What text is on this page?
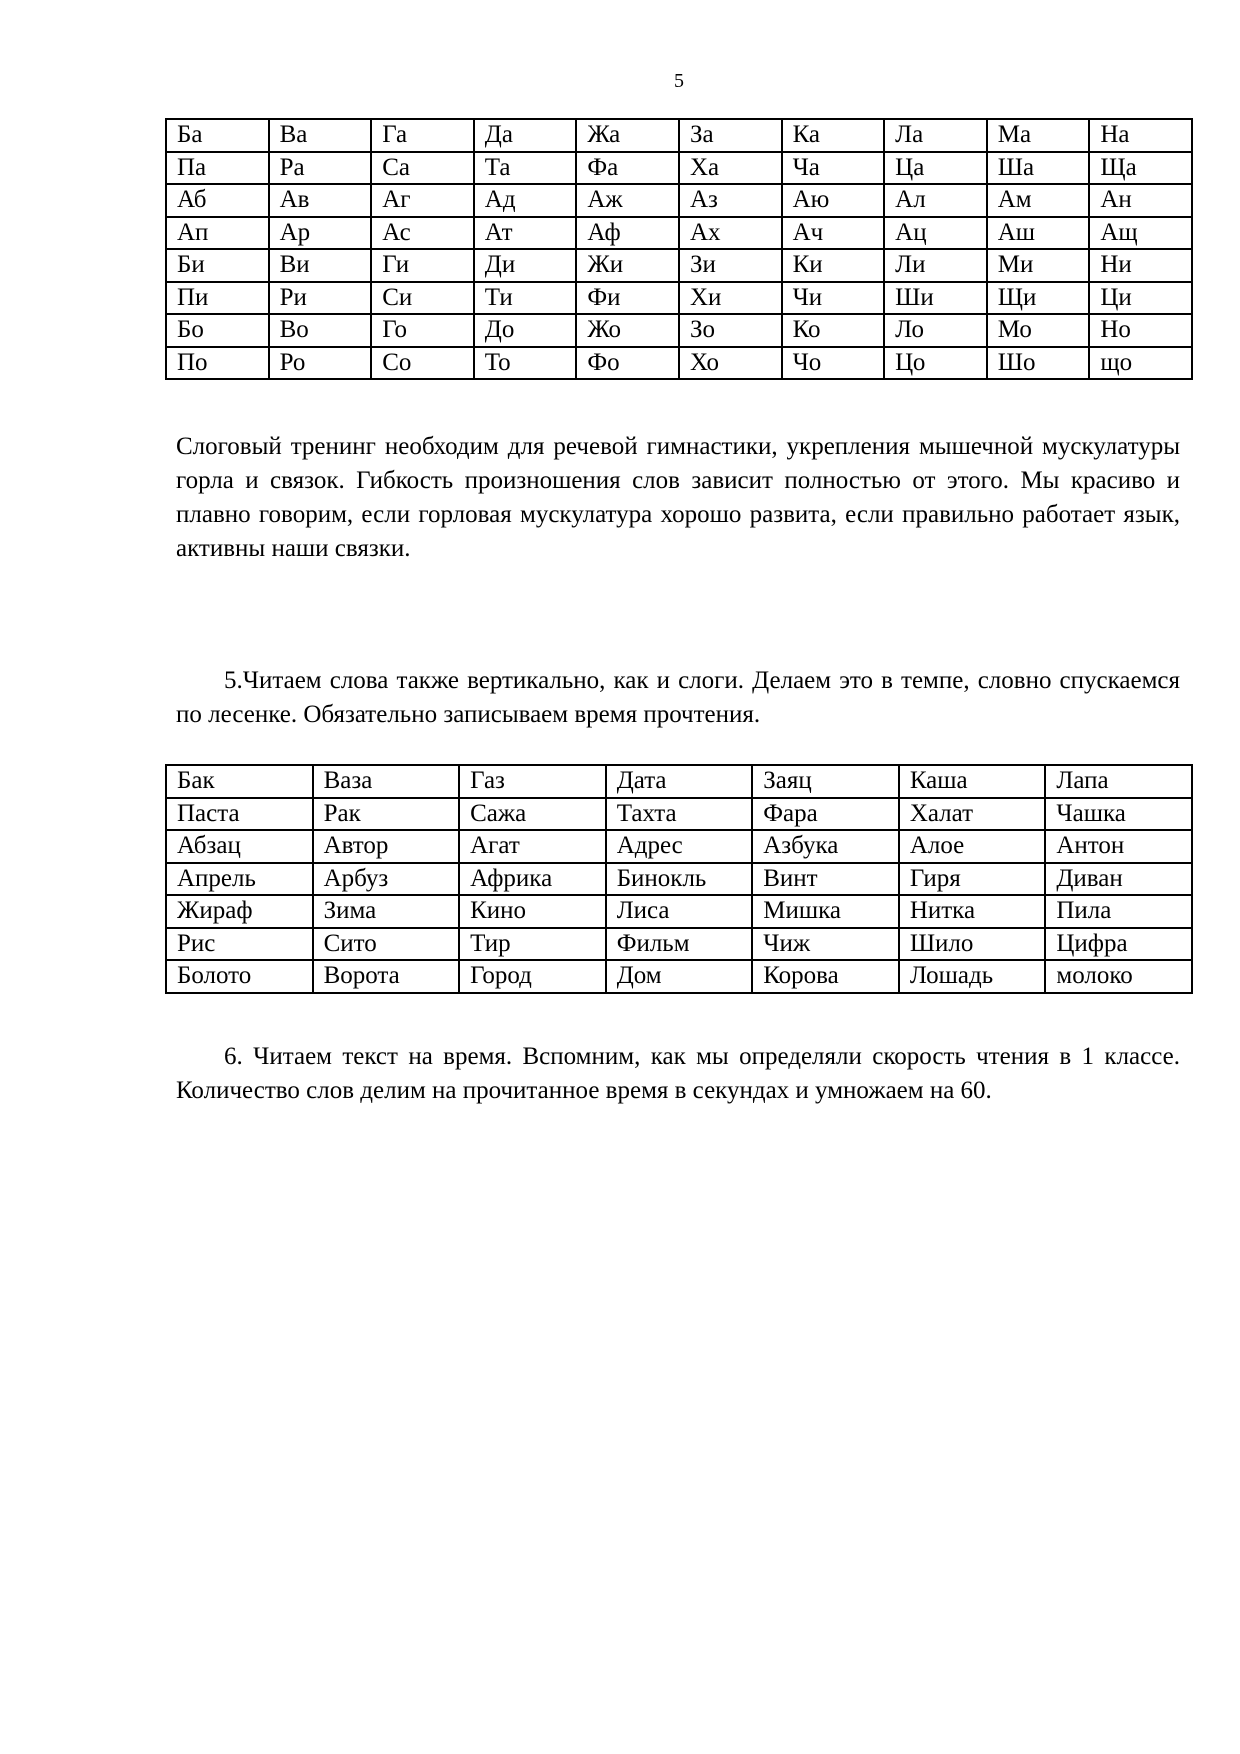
5
Ба	Ва	Га	Да	Жа	За	Ка	Ла	Ма	На
Па	Ра	Са	Та	Фа	Ха	Ча	Ца	Ша	Ща
Аб	Ав	Аг	Ад	Аж	Аз	Аю	Ал	Ам	Ан
Ап	Ар	Ас	Ат	Аф	Ах	Ач	Ац	Аш	Ащ
Би	Ви	Ги	Ди	Жи	Зи	Ки	Ли	Ми	Ни
Пи	Ри	Си	Ти	Фи	Хи	Чи	Ши	Щи	Ци
Бо	Во	Го	До	Жо	Зо	Ко	Ло	Мо	Но
По	Ро	Со	То	Фо	Хо	Чо	Цо	Шо	що
Слоговый тренинг необходим для речевой гимнастики, укрепления мышечной мускулатуры горла и связок. Гибкость произношения слов зависит полностью от этого. Мы красиво и плавно говорим, если горловая мускулатура хорошо развита, если правильно работает язык, активны наши связки.
5.Читаем слова также вертикально, как и слоги. Делаем это в темпе, словно спускаемся по лесенке. Обязательно записываем время прочтения.
Бак	Ваза	Газ	Дата	Заяц	Каша	Лапа
Паста	Рак	Сажа	Тахта	Фара	Халат	Чашка
Абзац	Автор	Агат	Адрес	Азбука	Алое	Антон
Апрель	Арбуз	Африка	Бинокль	Винт	Гиря	Диван
Жираф	Зима	Кино	Лиса	Мишка	Нитка	Пила
Рис	Сито	Тир	Фильм	Чиж	Шило	Цифра
Болото	Ворота	Город	Дом	Корова	Лошадь	молоко
6. Читаем текст на время. Вспомним, как мы определяли скорость чтения в 1 классе. Количество слов делим на прочитанное время в секундах и умножаем на 60.
